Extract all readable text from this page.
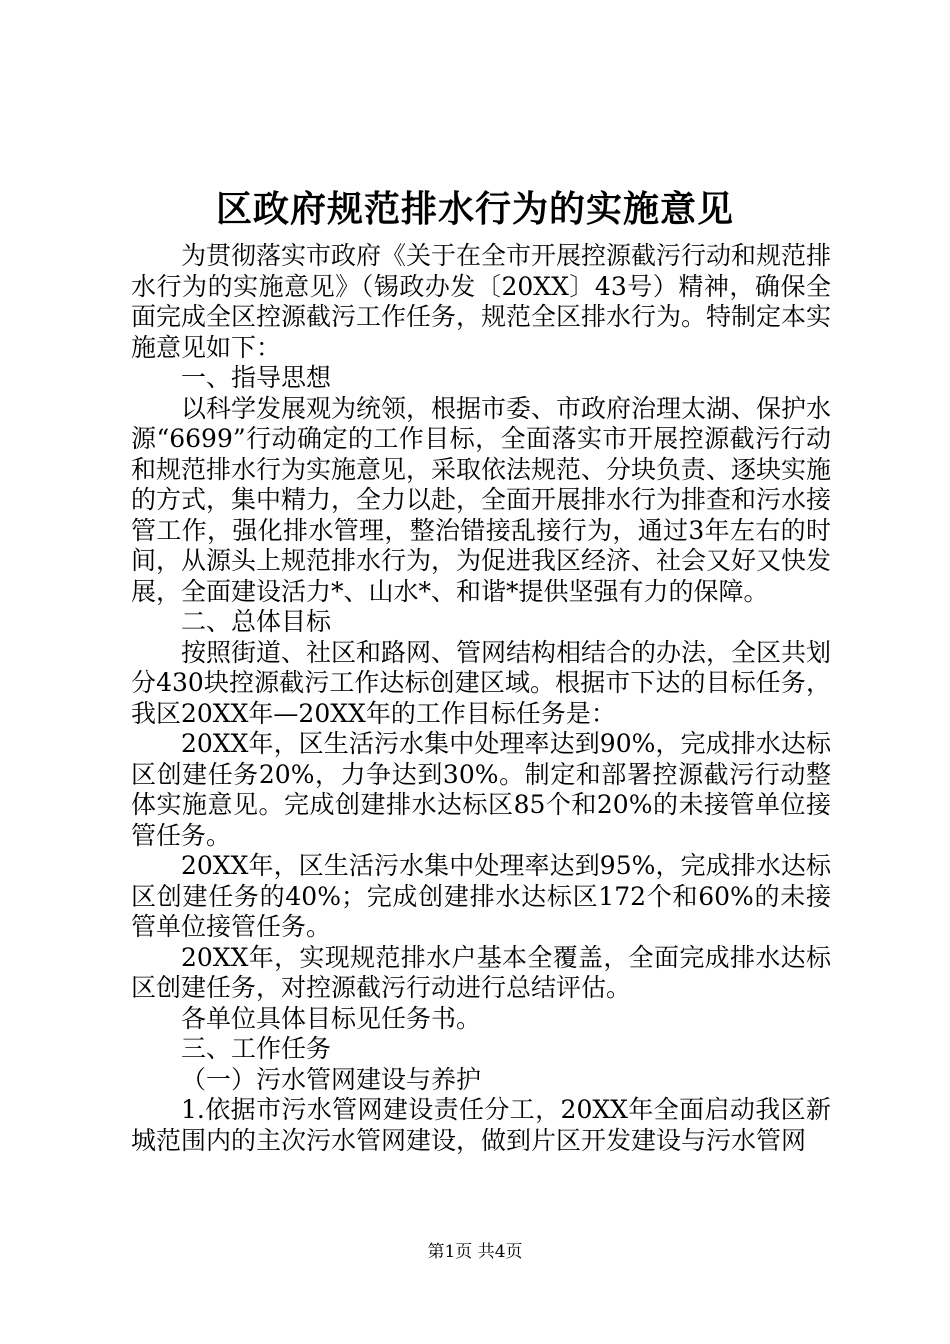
区政府规范排水行为的实施意见

为贯彻落实市政府《关于在全市开展控源截污行动和规范排水行为的实施意见》（锡政办发〔20XX〕43号）精神，确保全面完成全区控源截污工作任务，规范全区排水行为。特制定本实施意见如下：

一、指导思想

以科学发展观为统领，根据市委、市政府治理太湖、保护水源“6699”行动确定的工作目标，全面落实市开展控源截污行动和规范排水行为实施意见，采取依法规范、分块负责、逐块实施的方式，集中精力，全力以赴，全面开展排水行为排查和污水接管工作，强化排水管理，整治错接乱接行为，通过3年左右的时间，从源头上规范排水行为，为促进我区经济、社会又好又快发展，全面建设活力*、山水*、和谐*提供坚强有力的保障。

二、总体目标

按照街道、社区和路网、管网结构相结合的办法，全区共划分430块控源截污工作达标创建区域。根据市下达的目标任务，我区20XX年—20XX年的工作目标任务是：

20XX年，区生活污水集中处理率达到90%，完成排水达标区创建任务20%，力争达到30%。制定和部署控源截污行动整体实施意见。完成创建排水达标区85个和20%的未接管单位接管任务。

20XX年，区生活污水集中处理率达到95%，完成排水达标区创建任务的40%；完成创建排水达标区172个和60%的未接管单位接管任务。

20XX年，实现规范排水户基本全覆盖，全面完成排水达标区创建任务，对控源截污行动进行总结评估。

各单位具体目标见任务书。

三、工作任务

（一）污水管网建设与养护

1.依据市污水管网建设责任分工，20XX年全面启动我区新城范围内的主次污水管网建设，做到片区开发建设与污水管网

第1页 共4页
